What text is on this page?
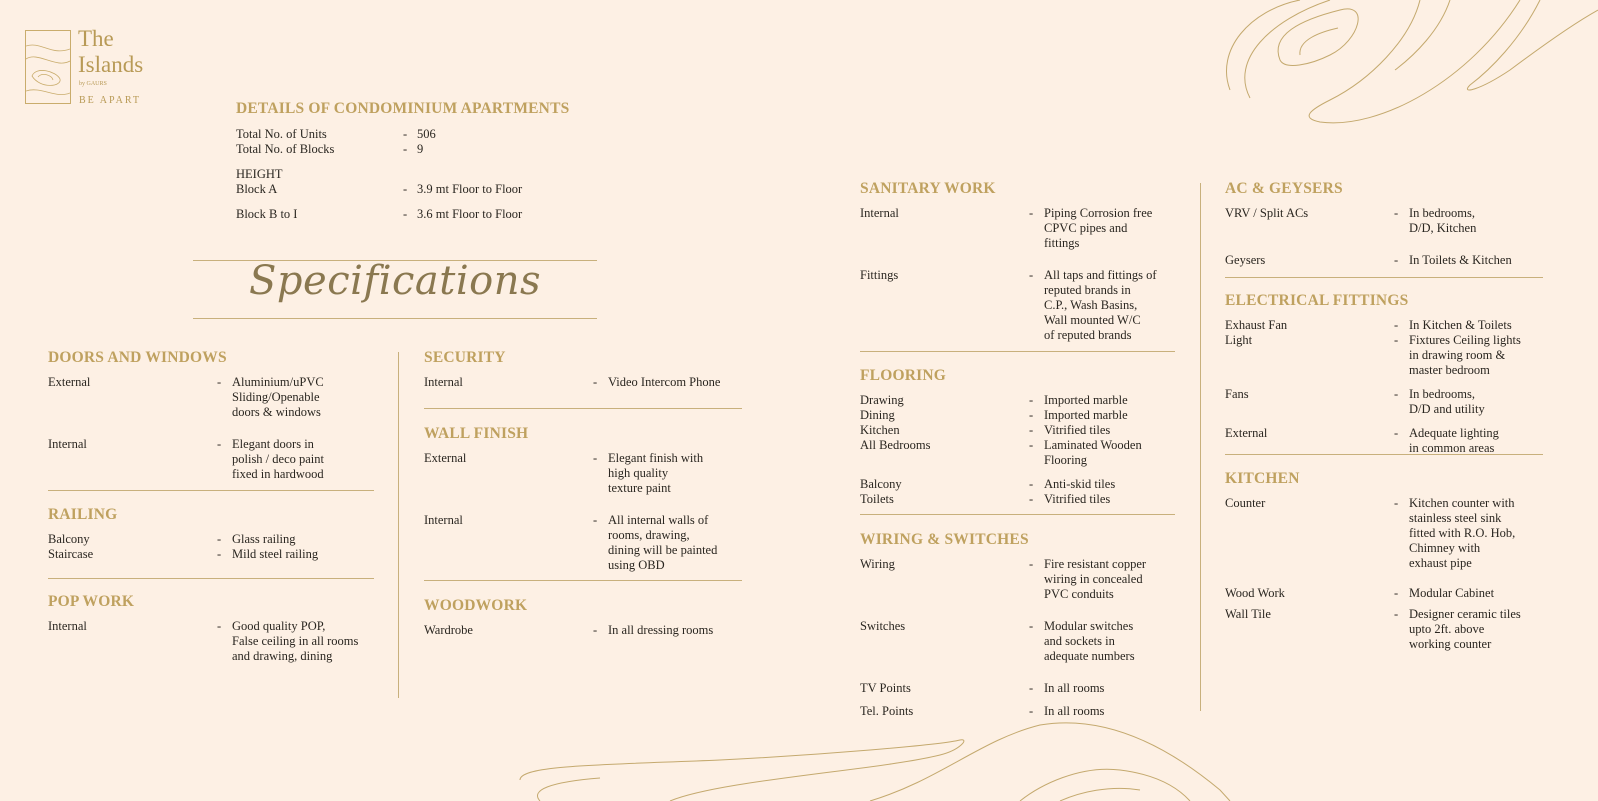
The
Islands
by GAURS
BE APART	DETAILS OF CONDOMINIUM APARTMENTS
Total No. of Units	- 506
Total No. of Blocks	- 9
HEIGHT
Block A	- 3.9 mt Floor to Floor
Block B to I	- 3.6 mt Floor to Floor
Specifications
DOORS AND WINDOWS
External	- Aluminium/uPVC
Sliding/Openable
doors & windows
Internal	- Elegant doors in
polish / deco paint
fixed in hardwood
RAILING
Balcony	- Glass railing
Staircase	- Mild steel railing
POP WORK
Internal	- Good quality POP,
False ceiling in all rooms
and drawing, dining
SECURITY
Internal	- Video Intercom Phone
WALL FINISH
External	- Elegant finish with
high quality
texture paint
Internal	- All internal walls of
rooms, drawing,
dining will be painted
using OBD
WOODWORK
Wardrobe	- In all dressing rooms
SANITARY WORK
Internal	- Piping Corrosion free
CPVC pipes and
fittings
Fittings	- All taps and fittings of
reputed brands in
C.P., Wash Basins,
Wall mounted W/C
of reputed brands
FLOORING
Drawing	- Imported marble
Dining	- Imported marble
Kitchen	- Vitrified tiles
All Bedrooms	- Laminated Wooden
Flooring
Balcony	- Anti-skid tiles
Toilets	- Vitrified tiles
WIRING & SWITCHES
Wiring	- Fire resistant copper
wiring in concealed
PVC conduits
Switches	- Modular switches
and sockets in
adequate numbers
TV Points	- In all rooms
Tel. Points	- In all rooms
AC & GEYSERS
VRV / Split ACs	- In bedrooms,
D/D, Kitchen
Geysers	- In Toilets & Kitchen
ELECTRICAL FITTINGS
Exhaust Fan	- In Kitchen & Toilets
Light	- Fixtures Ceiling lights
in drawing room &
master bedroom
Fans	- In bedrooms,
D/D and utility
External	- Adequate lighting
in common areas
KITCHEN
Counter	- Kitchen counter with
stainless steel sink
fitted with R.O. Hob,
Chimney with
exhaust pipe
Wood Work	- Modular Cabinet
Wall Tile	- Designer ceramic tiles
upto 2ft. above
working counter
